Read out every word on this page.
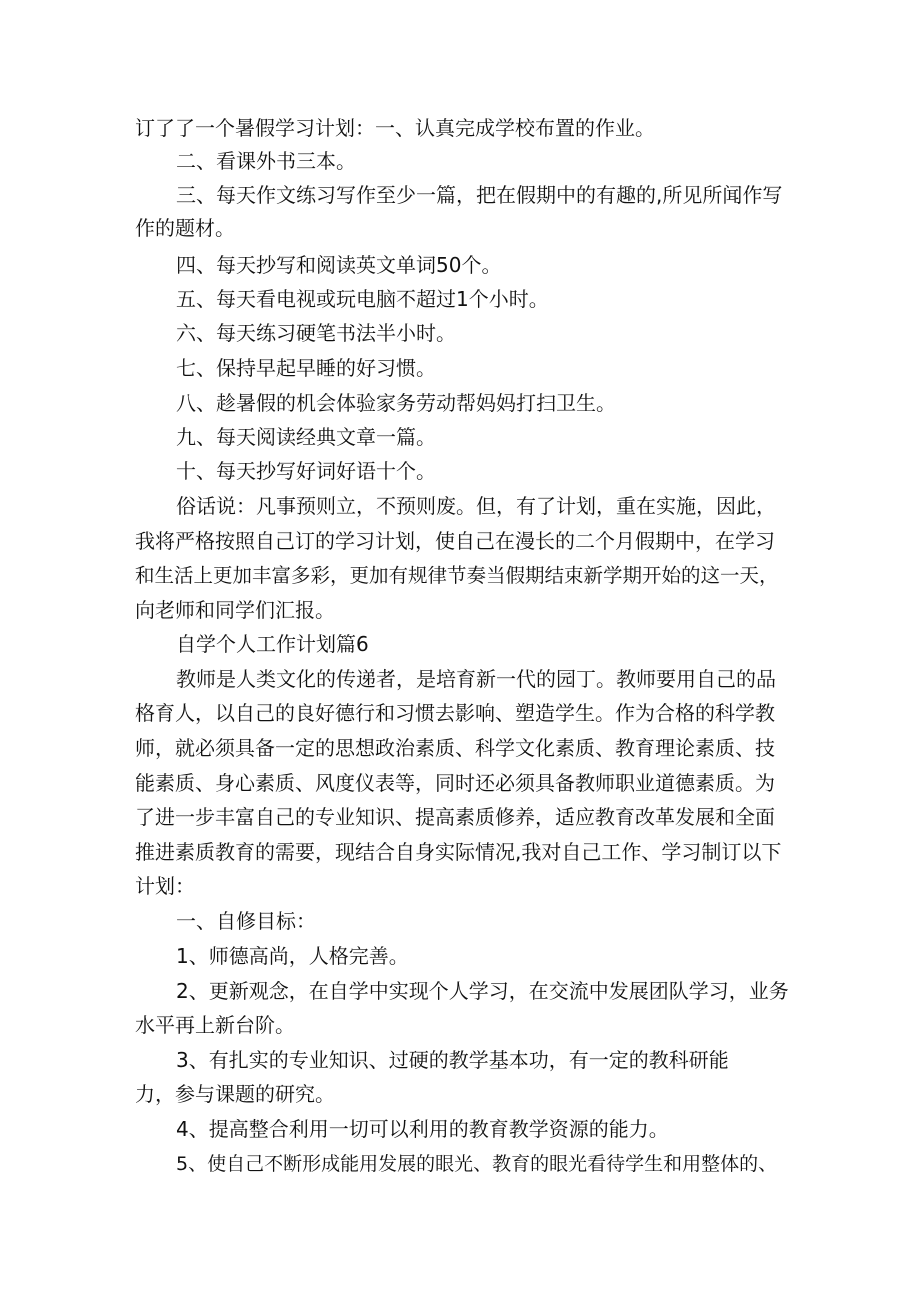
订了了一个暑假学习计划：一、认真完成学校布置的作业。
二、看课外书三本。
三、每天作文练习写作至少一篇，把在假期中的有趣的,所见所闻作写
作的题材。
四、每天抄写和阅读英文单词50个。
五、每天看电视或玩电脑不超过1个小时。
六、每天练习硬笔书法半小时。
七、保持早起早睡的好习惯。
八、趁暑假的机会体验家务劳动帮妈妈打扫卫生。
九、每天阅读经典文章一篇。
十、每天抄写好词好语十个。
俗话说：凡事预则立，不预则废。但，有了计划，重在实施，因此，
我将严格按照自己订的学习计划，使自己在漫长的二个月假期中，在学习
和生活上更加丰富多彩，更加有规律节奏当假期结束新学期开始的这一天，
向老师和同学们汇报。
自学个人工作计划篇6
教师是人类文化的传递者，是培育新一代的园丁。教师要用自己的品
格育人，以自己的良好德行和习惯去影响、塑造学生。作为合格的科学教
师，就必须具备一定的思想政治素质、科学文化素质、教育理论素质、技
能素质、身心素质、风度仪表等，同时还必须具备教师职业道德素质。为
了进一步丰富自己的专业知识、提高素质修养，适应教育改革发展和全面
推进素质教育的需要，现结合自身实际情况,我对自己工作、学习制订以下
计划：
一、自修目标：
1、师德高尚，人格完善。
2、更新观念，在自学中实现个人学习，在交流中发展团队学习，业务
水平再上新台阶。
3、有扎实的专业知识、过硬的教学基本功，有一定的教科研能
力，参与课题的研究。
4、提高整合利用一切可以利用的教育教学资源的能力。
5、使自己不断形成能用发展的眼光、教育的眼光看待学生和用整体的、
